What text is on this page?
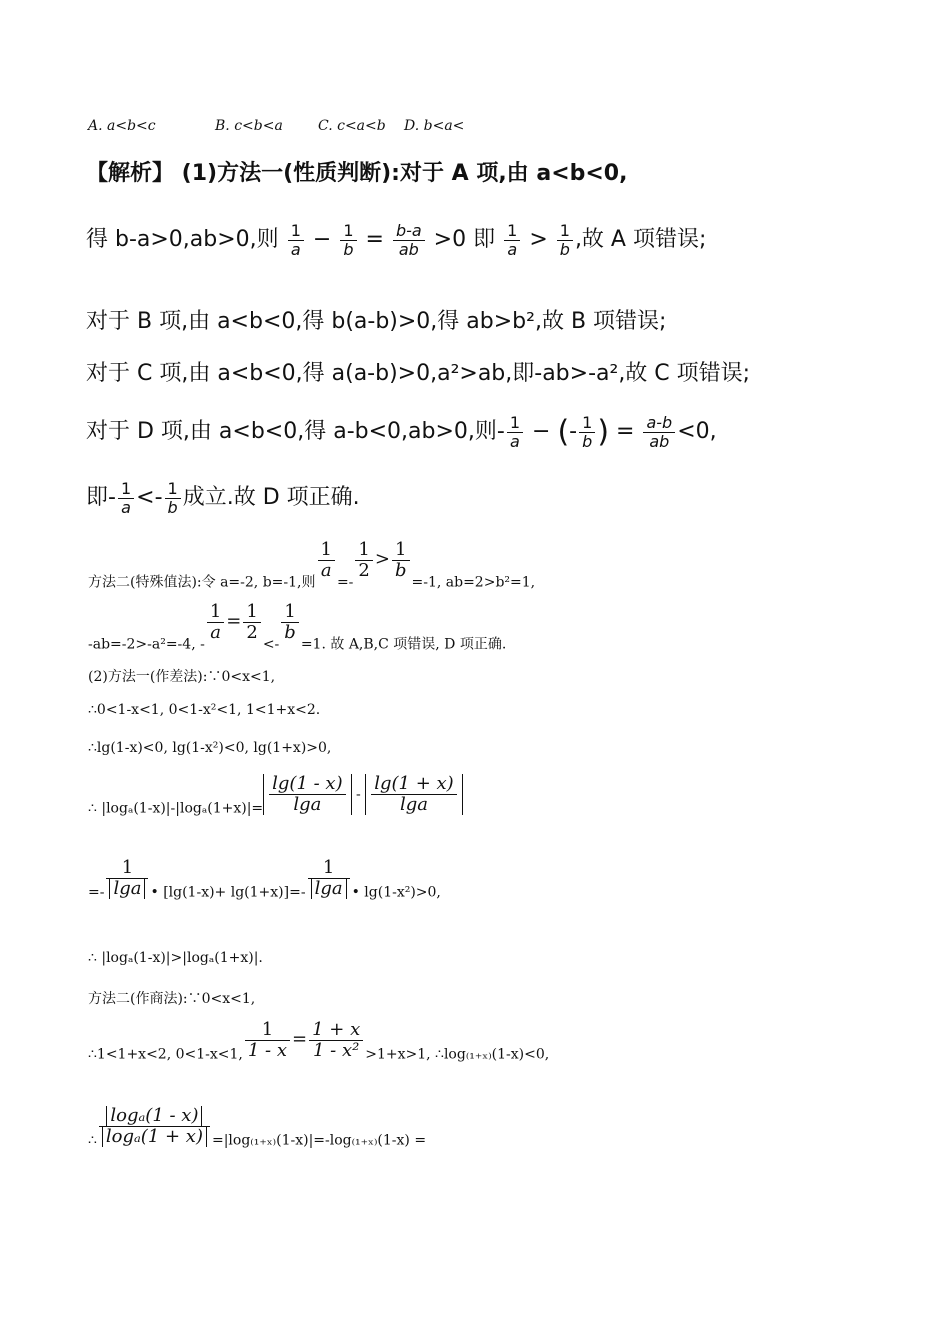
A. a<b<c	B. c<b<a	C. c<a<b D. b<a<
【解析】 (1)方法一(性质判断):对于 A 项,由 a<b<0,
得 b-a>0,ab>0,则 $\frac{1}{a} - \frac{1}{b} = \frac{b-a}{ab} >0$ 即 $\frac{1}{a} > \frac{1}{b}$ ,故 A 项错误;
对于 B 项,由 a<b<0,得 b(a-b)>0,得 ab>b²,故 B 项错误;
对于 C 项,由 a<b<0,得 a(a-b)>0,a²>ab,即-ab>-a²,故 C 项错误;
对于 D 项,由 a<b<0,得 a-b<0,ab>0,则- $\frac{1}{a}$ − (- $\frac{1}{b}$ ) = $\frac{a-b}{ab} <0$,
即- $\frac{1}{a} <- \frac{1}{b}$ 成立.故 D 项正确.
方法二(特殊值法):令 a=-2, b=-1,则
$\frac{1}{a}$
=-
$\frac{1}{2} > \frac{1}{b}$
=-1, ab=2>b²=1,
-ab=-2>-a²=-4, -
$\frac{1}{a} = \frac{1}{2}$
<-
$\frac{1}{b}$
=1. 故 A,B,C 项错误, D 项正确.
(2)方法一(作差法):∵0<x<1,
∴0<1-x<1, 0<1-x²<1, 1<1+x<2.
∴lg(1-x)<0, lg(1-x²)<0, lg(1+x)>0,
∴ $|\log_a(1-x)|-|\log_a(1+x)|= \frac{\lg(1 - x)}{\lg a} - \frac{\lg(1 + x)}{\lg a}$
=- $\frac{1}{\lg a}$ • $[\lg(1-x)+ \lg(1+x)]=- \frac{1}{\lg a}$ • lg(1-x²)>0,
∴ |logₐ(1-x)|>|logₐ(1+x)|.
方法二(作商法):∵0<x<1,
∴1<1+x<2, 0<1-x<1, $\frac{1}{1 - x} = \frac{1 + x}{\text{1 - x²}} >1+x>1$, ∴log₍₁₊ₓ₎(1-x)<0,
∴ $\frac{\text{logₐ(1 - x)}}{\text{logₐ(1 + x)}} =|\log_{(1+x)}(1-x)|=-\log_{(1+x)}(1-x)$ =
